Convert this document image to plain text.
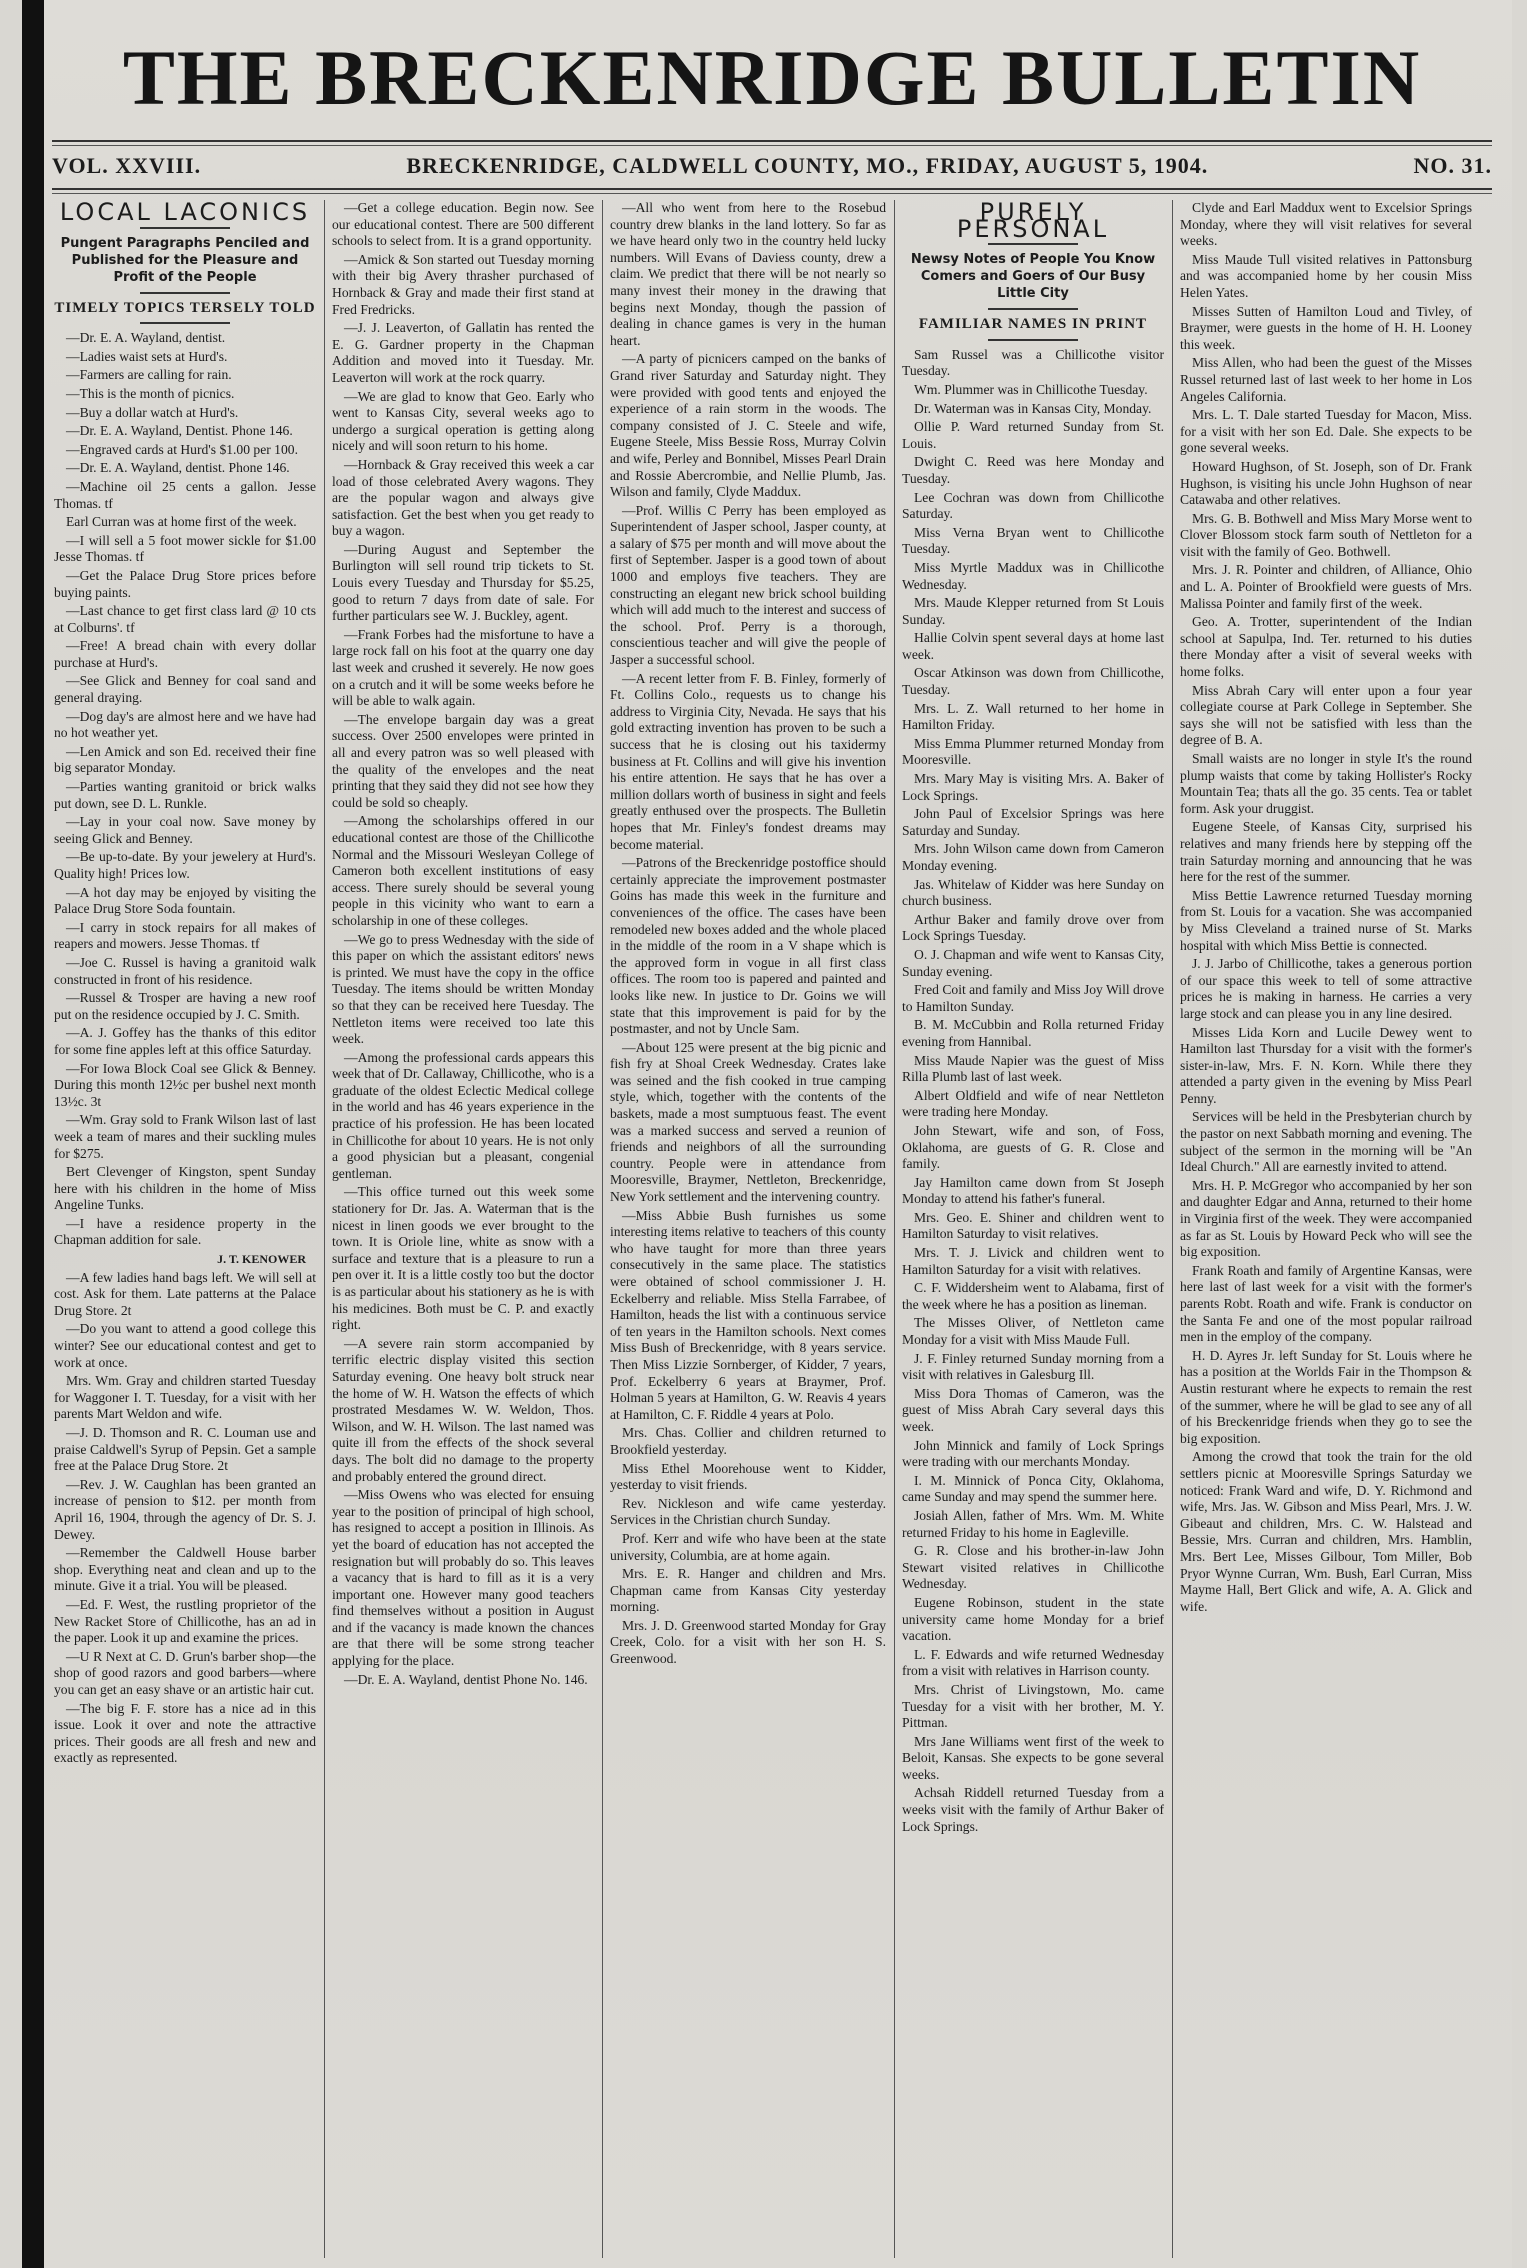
THE BRECKENRIDGE BULLETIN
VOL. XXVIII.	BRECKENRIDGE, CALDWELL COUNTY, MO., FRIDAY, AUGUST 5, 1904.	NO. 31.
LOCAL LACONICS
Pungent Paragraphs Penciled and Published for the Pleasure and Profit of the People
TIMELY TOPICS TERSELY TOLD

—Dr. E. A. Wayland, dentist.

—Ladies waist sets at Hurd's.

—Farmers are calling for rain.

—This is the month of picnics.

—Buy a dollar watch at Hurd's.

—Dr. E. A. Wayland, Dentist. Phone 146.

—Engraved cards at Hurd's $1.00 per 100.

—Dr. E. A. Wayland, dentist. Phone 146.

—Machine oil 25 cents a gallon. Jesse Thomas. tf

Earl Curran was at home first of the week.

—I will sell a 5 foot mower sickle for $1.00 Jesse Thomas. tf

—Get the Palace Drug Store prices before buying paints.

—Last chance to get first class lard @ 10 cts at Colburns'. tf

—Free! A bread chain with every dollar purchase at Hurd's.

—See Glick and Benney for coal sand and general draying.

—Dog day's are almost here and we have had no hot weather yet.

—Len Amick and son Ed. received their fine big separator Monday.

—Parties wanting granitoid or brick walks put down, see D. L. Runkle.

—Lay in your coal now. Save money by seeing Glick and Benney.

—Be up-to-date. By your jewelery at Hurd's. Quality high! Prices low.

—A hot day may be enjoyed by visiting the Palace Drug Store Soda fountain.

—I carry in stock repairs for all makes of reapers and mowers. Jesse Thomas. tf

—Joe C. Russel is having a granitoid walk constructed in front of his residence.

—Russel & Trosper are having a new roof put on the residence occupied by J. C. Smith.

—A. J. Goffey has the thanks of this editor for some fine apples left at this office Saturday.

—For Iowa Block Coal see Glick & Benney. During this month 12½c per bushel next month 13½c. 3t

—Wm. Gray sold to Frank Wilson last of last week a team of mares and their suckling mules for $275.

Bert Clevenger of Kingston, spent Sunday here with his children in the home of Miss Angeline Tunks.

—I have a residence property in the Chapman addition for sale.

J. T. KENOWER

—A few ladies hand bags left. We will sell at cost. Ask for them. Late patterns at the Palace Drug Store. 2t

—Do you want to attend a good college this winter? See our educational contest and get to work at once.

Mrs. Wm. Gray and children started Tuesday for Waggoner I. T. Tuesday, for a visit with her parents Mart Weldon and wife.

—J. D. Thomson and R. C. Louman use and praise Caldwell's Syrup of Pepsin. Get a sample free at the Palace Drug Store. 2t

—Rev. J. W. Caughlan has been granted an increase of pension to $12. per month from April 16, 1904, through the agency of Dr. S. J. Dewey.

—Remember the Caldwell House barber shop. Everything neat and clean and up to the minute. Give it a trial. You will be pleased.

—Ed. F. West, the rustling proprietor of the New Racket Store of Chillicothe, has an ad in the paper. Look it up and examine the prices.

—U R Next at C. D. Grun's barber shop—the shop of good razors and good barbers—where you can get an easy shave or an artistic hair cut.

—The big F. F. store has a nice ad in this issue. Look it over and note the attractive prices. Their goods are all fresh and new and exactly as represented.

—Get a college education. Begin now. See our educational contest. There are 500 different schools to select from. It is a grand opportunity.

—Amick & Son started out Tuesday morning with their big Avery thrasher purchased of Hornback & Gray and made their first stand at Fred Fredricks.

—J. J. Leaverton, of Gallatin has rented the E. G. Gardner property in the Chapman Addition and moved into it Tuesday. Mr. Leaverton will work at the rock quarry.

—We are glad to know that Geo. Early who went to Kansas City, several weeks ago to undergo a surgical operation is getting along nicely and will soon return to his home.

—Hornback & Gray received this week a car load of those celebrated Avery wagons. They are the popular wagon and always give satisfaction. Get the best when you get ready to buy a wagon.

—During August and September the Burlington will sell round trip tickets to St. Louis every Tuesday and Thursday for $5.25, good to return 7 days from date of sale. For further particulars see W. J. Buckley, agent.

—Frank Forbes had the misfortune to have a large rock fall on his foot at the quarry one day last week and crushed it severely. He now goes on a crutch and it will be some weeks before he will be able to walk again.

—The envelope bargain day was a great success. Over 2500 envelopes were printed in all and every patron was so well pleased with the quality of the envelopes and the neat printing that they said they did not see how they could be sold so cheaply.

—Among the scholarships offered in our educational contest are those of the Chillicothe Normal and the Missouri Wesleyan College of Cameron both excellent institutions of easy access. There surely should be several young people in this vicinity who want to earn a scholarship in one of these colleges.

—We go to press Wednesday with the side of this paper on which the assistant editors' news is printed. We must have the copy in the office Tuesday. The items should be written Monday so that they can be received here Tuesday. The Nettleton items were received too late this week.

—Among the professional cards appears this week that of Dr. Callaway, Chillicothe, who is a graduate of the oldest Eclectic Medical college in the world and has 46 years experience in the practice of his profession. He has been located in Chillicothe for about 10 years. He is not only a good physician but a pleasant, congenial gentleman.

—This office turned out this week some stationery for Dr. Jas. A. Waterman that is the nicest in linen goods we ever brought to the town. It is Oriole line, white as snow with a surface and texture that is a pleasure to run a pen over it. It is a little costly too but the doctor is as particular about his stationery as he is with his medicines. Both must be C. P. and exactly right.

—A severe rain storm accompanied by terrific electric display visited this section Saturday evening. One heavy bolt struck near the home of W. H. Watson the effects of which prostrated Mesdames W. W. Weldon, Thos. Wilson, and W. H. Wilson. The last named was quite ill from the effects of the shock several days. The bolt did no damage to the property and probably entered the ground direct.

—Miss Owens who was elected for ensuing year to the position of principal of high school, has resigned to accept a position in Illinois. As yet the board of education has not accepted the resignation but will probably do so. This leaves a vacancy that is hard to fill as it is a very important one. However many good teachers find themselves without a position in August and if the vacancy is made known the chances are that there will be some strong teacher applying for the place.

—Dr. E. A. Wayland, dentist Phone No. 146.

—All who went from here to the Rosebud country drew blanks in the land lottery. So far as we have heard only two in the country held lucky numbers. Will Evans of Daviess county, drew a claim. We predict that there will be not nearly so many invest their money in the drawing that begins next Monday, though the passion of dealing in chance games is very in the human heart.

—A party of picnicers camped on the banks of Grand river Saturday and Saturday night. They were provided with good tents and enjoyed the experience of a rain storm in the woods. The company consisted of J. C. Steele and wife, Eugene Steele, Miss Bessie Ross, Murray Colvin and wife, Perley and Bonnibel, Misses Pearl Drain and Rossie Abercrombie, and Nellie Plumb, Jas. Wilson and family, Clyde Maddux.

—Prof. Willis C Perry has been employed as Superintendent of Jasper school, Jasper county, at a salary of $75 per month and will move about the first of September. Jasper is a good town of about 1000 and employs five teachers. They are constructing an elegant new brick school building which will add much to the interest and success of the school. Prof. Perry is a thorough, conscientious teacher and will give the people of Jasper a successful school.

—A recent letter from F. B. Finley, formerly of Ft. Collins Colo., requests us to change his address to Virginia City, Nevada. He says that his gold extracting invention has proven to be such a success that he is closing out his taxidermy business at Ft. Collins and will give his invention his entire attention. He says that he has over a million dollars worth of business in sight and feels greatly enthused over the prospects. The Bulletin hopes that Mr. Finley's fondest dreams may become material.

—Patrons of the Breckenridge postoffice should certainly appreciate the improvement postmaster Goins has made this week in the furniture and conveniences of the office. The cases have been remodeled new boxes added and the whole placed in the middle of the room in a V shape which is the approved form in vogue in all first class offices. The room too is papered and painted and looks like new. In justice to Dr. Goins we will state that this improvement is paid for by the postmaster, and not by Uncle Sam.

—About 125 were present at the big picnic and fish fry at Shoal Creek Wednesday. Crates lake was seined and the fish cooked in true camping style, which, together with the contents of the baskets, made a most sumptuous feast. The event was a marked success and served a reunion of friends and neighbors of all the surrounding country. People were in attendance from Mooresville, Braymer, Nettleton, Breckenridge, New York settlement and the intervening country.

—Miss Abbie Bush furnishes us some interesting items relative to teachers of this county who have taught for more than three years consecutively in the same place. The statistics were obtained of school commissioner J. H. Eckelberry and reliable. Miss Stella Farrabee, of Hamilton, heads the list with a continuous service of ten years in the Hamilton schools. Next comes Miss Bush of Breckenridge, with 8 years service. Then Miss Lizzie Sornberger, of Kidder, 7 years, Prof. Eckelberry 6 years at Braymer, Prof. Holman 5 years at Hamilton, G. W. Reavis 4 years at Hamilton, C. F. Riddle 4 years at Polo.

Mrs. Chas. Collier and children returned to Brookfield yesterday.

Miss Ethel Moorehouse went to Kidder, yesterday to visit friends.

Rev. Nickleson and wife came yesterday. Services in the Christian church Sunday.

Prof. Kerr and wife who have been at the state university, Columbia, are at home again.

Mrs. E. R. Hanger and children and Mrs. Chapman came from Kansas City yesterday morning.

Mrs. J. D. Greenwood started Monday for Gray Creek, Colo. for a visit with her son H. S. Greenwood.

PURELY PERSONAL
Newsy Notes of People You Know Comers and Goers of Our Busy Little City
FAMILIAR NAMES IN PRINT

Sam Russel was a Chillicothe visitor Tuesday.

Wm. Plummer was in Chillicothe Tuesday.

Dr. Waterman was in Kansas City, Monday.

Ollie P. Ward returned Sunday from St. Louis.

Dwight C. Reed was here Monday and Tuesday.

Lee Cochran was down from Chillicothe Saturday.

Miss Verna Bryan went to Chillicothe Tuesday.

Miss Myrtle Maddux was in Chillicothe Wednesday.

Mrs. Maude Klepper returned from St Louis Sunday.

Hallie Colvin spent several days at home last week.

Oscar Atkinson was down from Chillicothe, Tuesday.

Mrs. L. Z. Wall returned to her home in Hamilton Friday.

Miss Emma Plummer returned Monday from Mooresville.

Mrs. Mary May is visiting Mrs. A. Baker of Lock Springs.

John Paul of Excelsior Springs was here Saturday and Sunday.

Mrs. John Wilson came down from Cameron Monday evening.

Jas. Whitelaw of Kidder was here Sunday on church business.

Arthur Baker and family drove over from Lock Springs Tuesday.

O. J. Chapman and wife went to Kansas City, Sunday evening.

Fred Coit and family and Miss Joy Will drove to Hamilton Sunday.

B. M. McCubbin and Rolla returned Friday evening from Hannibal.

Miss Maude Napier was the guest of Miss Rilla Plumb last of last week.

Albert Oldfield and wife of near Nettleton were trading here Monday.

John Stewart, wife and son, of Foss, Oklahoma, are guests of G. R. Close and family.

Jay Hamilton came down from St Joseph Monday to attend his father's funeral.

Mrs. Geo. E. Shiner and children went to Hamilton Saturday to visit relatives.

Mrs. T. J. Livick and children went to Hamilton Saturday for a visit with relatives.

C. F. Widdersheim went to Alabama, first of the week where he has a position as lineman.

The Misses Oliver, of Nettleton came Monday for a visit with Miss Maude Full.

J. F. Finley returned Sunday morning from a visit with relatives in Galesburg Ill.

Miss Dora Thomas of Cameron, was the guest of Miss Abrah Cary several days this week.

John Minnick and family of Lock Springs were trading with our merchants Monday.

I. M. Minnick of Ponca City, Oklahoma, came Sunday and may spend the summer here.

Josiah Allen, father of Mrs. Wm. M. White returned Friday to his home in Eagleville.

G. R. Close and his brother-in-law John Stewart visited relatives in Chillicothe Wednesday.

Eugene Robinson, student in the state university came home Monday for a brief vacation.

L. F. Edwards and wife returned Wednesday from a visit with relatives in Harrison county.

Mrs. Christ of Livingstown, Mo. came Tuesday for a visit with her brother, M. Y. Pittman.

Mrs Jane Williams went first of the week to Beloit, Kansas. She expects to be gone several weeks.

Achsah Riddell returned Tuesday from a weeks visit with the family of Arthur Baker of Lock Springs.

Clyde and Earl Maddux went to Excelsior Springs Monday, where they will visit relatives for several weeks.

Miss Maude Tull visited relatives in Pattonsburg and was accompanied home by her cousin Miss Helen Yates.

Misses Sutten of Hamilton Loud and Tivley, of Braymer, were guests in the home of H. H. Looney this week.

Miss Allen, who had been the guest of the Misses Russel returned last of last week to her home in Los Angeles California.

Mrs. L. T. Dale started Tuesday for Macon, Miss. for a visit with her son Ed. Dale. She expects to be gone several weeks.

Howard Hughson, of St. Joseph, son of Dr. Frank Hughson, is visiting his uncle John Hughson of near Catawaba and other relatives.

Mrs. G. B. Bothwell and Miss Mary Morse went to Clover Blossom stock farm south of Nettleton for a visit with the family of Geo. Bothwell.

Mrs. J. R. Pointer and children, of Alliance, Ohio and L. A. Pointer of Brookfield were guests of Mrs. Malissa Pointer and family first of the week.

Geo. A. Trotter, superintendent of the Indian school at Sapulpa, Ind. Ter. returned to his duties there Monday after a visit of several weeks with home folks.

Miss Abrah Cary will enter upon a four year collegiate course at Park College in September. She says she will not be satisfied with less than the degree of B. A.

Small waists are no longer in style It's the round plump waists that come by taking Hollister's Rocky Mountain Tea; thats all the go. 35 cents. Tea or tablet form. Ask your druggist.

Eugene Steele, of Kansas City, surprised his relatives and many friends here by stepping off the train Saturday morning and announcing that he was here for the rest of the summer.

Miss Bettie Lawrence returned Tuesday morning from St. Louis for a vacation. She was accompanied by Miss Cleveland a trained nurse of St. Marks hospital with which Miss Bettie is connected.

J. J. Jarbo of Chillicothe, takes a generous portion of our space this week to tell of some attractive prices he is making in harness. He carries a very large stock and can please you in any line desired.

Misses Lida Korn and Lucile Dewey went to Hamilton last Thursday for a visit with the former's sister-in-law, Mrs. F. N. Korn. While there they attended a party given in the evening by Miss Pearl Penny.

Services will be held in the Presbyterian church by the pastor on next Sabbath morning and evening. The subject of the sermon in the morning will be "An Ideal Church." All are earnestly invited to attend.

Mrs. H. P. McGregor who accompanied by her son and daughter Edgar and Anna, returned to their home in Virginia first of the week. They were accompanied as far as St. Louis by Howard Peck who will see the big exposition.

Frank Roath and family of Argentine Kansas, were here last of last week for a visit with the former's parents Robt. Roath and wife. Frank is conductor on the Santa Fe and one of the most popular railroad men in the employ of the company.

H. D. Ayres Jr. left Sunday for St. Louis where he has a position at the Worlds Fair in the Thompson & Austin resturant where he expects to remain the rest of the summer, where he will be glad to see any of all of his Breckenridge friends when they go to see the big exposition.

Among the crowd that took the train for the old settlers picnic at Mooresville Springs Saturday we noticed: Frank Ward and wife, D. Y. Richmond and wife, Mrs. Jas. W. Gibson and Miss Pearl, Mrs. J. W. Gibeaut and children, Mrs. C. W. Halstead and Bessie, Mrs. Curran and children, Mrs. Hamblin, Mrs. Bert Lee, Misses Gilbour, Tom Miller, Bob Pryor Wynne Curran, Wm. Bush, Earl Curran, Miss Mayme Hall, Bert Glick and wife, A. A. Glick and wife.
